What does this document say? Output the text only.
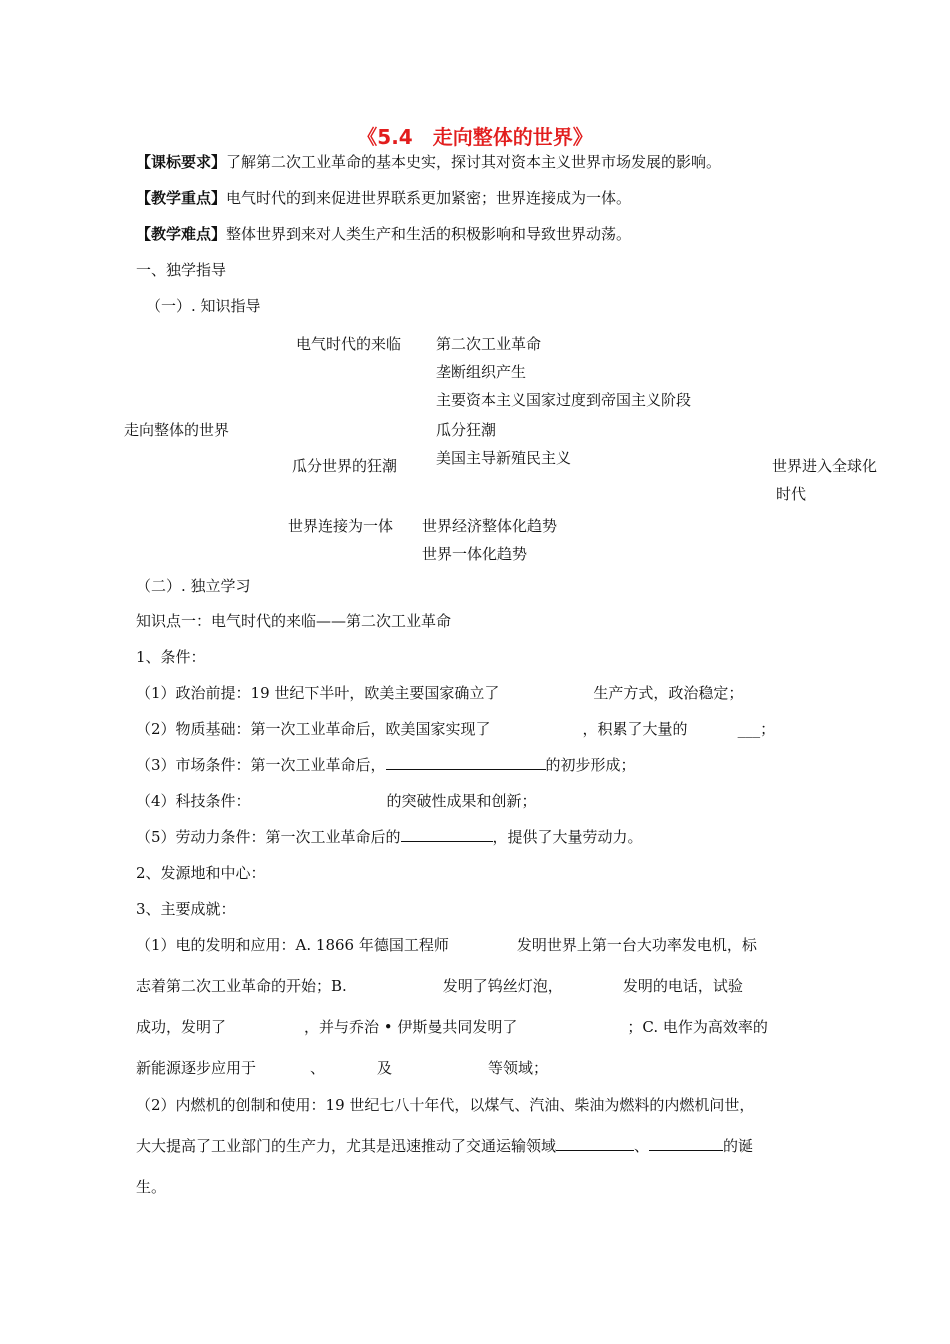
《5.4　走向整体的世界》
【课标要求】了解第二次工业革命的基本史实，探讨其对资本主义世界市场发展的影响。
【教学重点】电气时代的到来促进世界联系更加紧密；世界连接成为一体。
【教学难点】整体世界到来对人类生产和生活的积极影响和导致世界动荡。
一、独学指导
（一）. 知识指导
走向整体的世界
电气时代的来临 第二次工业革命
垄断组织产生
主要资本主义国家过度到帝国主义阶段
瓜分狂潮
美国主导新殖民主义
瓜分世界的狂潮	世界进入全球化
时代
世界连接为一体 世界经济整体化趋势
世界一体化趋势
（二）. 独立学习
知识点一：电气时代的来临——第二次工业革命
1、条件：
（1）政治前提：19 世纪下半叶，欧美主要国家确立了	生产方式，政治稳定；
（2）物质基础：第一次工业革命后，欧美国家实现了	，积累了大量的	___；
（3）市场条件：第一次工业革命后，	的初步形成；
（4）科技条件：	的突破性成果和创新；
（5）劳动力条件：第一次工业革命后的	，提供了大量劳动力。
2、发源地和中心：
3、主要成就：
（1）电的发明和应用：A. 1866 年德国工程师	发明世界上第一台大功率发电机，标
志着第二次工业革命的开始；B.	发明了钨丝灯泡，	发明的电话，试验
成功，发明了	，并与乔治 • 伊斯曼共同发明了	；C. 电作为高效率的
新能源逐步应用于	、	及	等领域；
（2）内燃机的创制和使用：19 世纪七八十年代，以煤气、汽油、柴油为燃料的内燃机问世，
大大提高了工业部门的生产力，尤其是迅速推动了交通运输领域	、	的诞
生。
